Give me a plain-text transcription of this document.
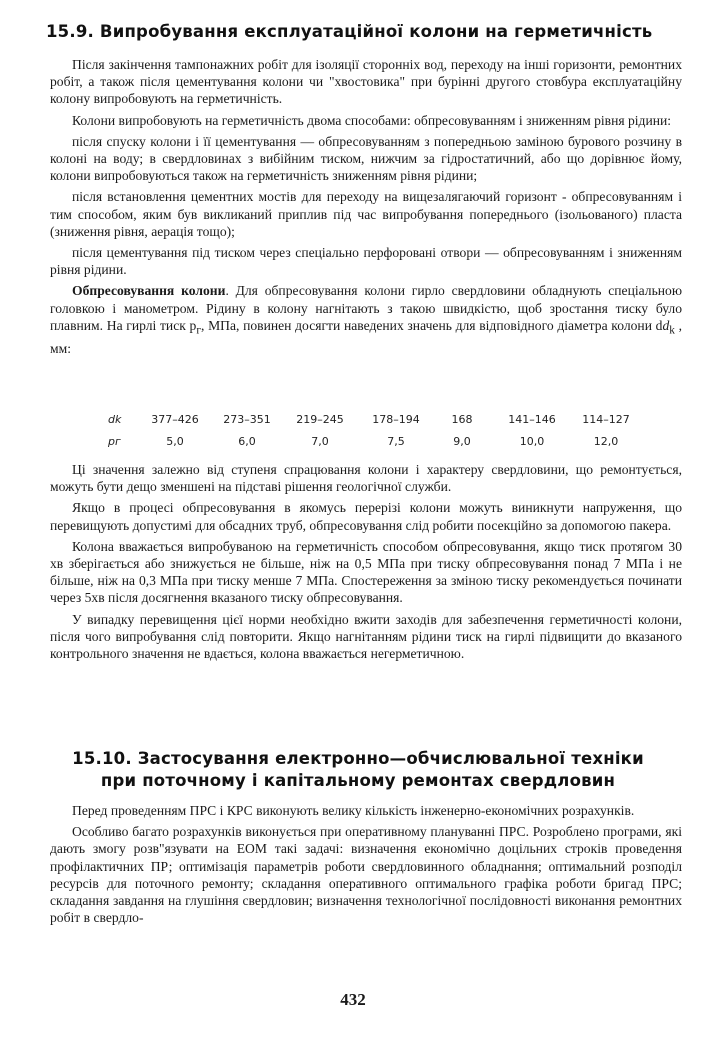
15.9. Випробування експлуатаційної колони на герметичність

Після закінчення тампонажних робіт для ізоляції сторонніх вод, переходу на інші горизонти, ремонтних робіт, а також після цементування колони чи "хвостовика" при бурінні другого стовбура експлуатаційну колону випробовують на герметичність.

Колони випробовують на герметичність двома способами: обпресовуванням і зниженням рівня рідини:

після спуску колони і її цементування — обпресовуванням з попередньою заміною бурового розчину в колоні на воду; в свердловинах з вибійним тиском, нижчим за гідростатичний, або що дорівнює йому, колони випробовуються також на герметичність зниженням рівня рідини;

після встановлення цементних мостів для переходу на вищезалягаючий горизонт - обпресовуванням і тим способом, яким був викликаний приплив під час випробування попереднього (ізольованого) пласта (зниження рівня, аерація тощо);

після цементування під тиском через спеціально перфоровані отвори — обпресовуванням і зниженням рівня рідини.

Обпресовування колони. Для обпресовування колони гирло свердловини обладнують спеціальною головкою і манометром. Рідину в колону нагнітають з такою швидкістю, щоб зростання тиску було плавним. На гирлі тиск $p_г$, МПа, повинен досягти наведених значень для відповідного діаметра колони $dd_k$ , мм:

dk	377–426	273–351	219–245	178–194	168	141–146	114–127
pг	5,0	6,0	7,0	7,5	9,0	10,0	12,0

Ці значення залежно від ступеня спрацювання колони і характеру свердловини, що ремонтується, можуть бути дещо зменшені на підставі рішення геологічної служби.

Якщо в процесі обпресовування в якомусь перерізі колони можуть виникнути напруження, що перевищують допустимі для обсадних труб, обпресовування слід робити посекційно за допомогою пакера.

Колона вважається випробуваною на герметичність способом обпресовування, якщо тиск протягом 30 хв зберігається або знижується не більше, ніж на 0,5 МПа при тиску обпресовування понад 7 МПа і не більше, ніж на 0,3 МПа при тиску менше 7 МПа. Спостереження за зміною тиску рекомендується починати через 5хв після досягнення вказаного тиску обпресовування.

У випадку перевищення цієї норми необхідно вжити заходів для забезпечення герметичності колони, після чого випробування слід повторити. Якщо нагнітанням рідини тиск на гирлі підвищити до вказаного контрольного значення не вдається, колона вважається негерметичною.

15.10. Застосування електронно—обчислювальної техніки
при поточному і капітальному ремонтах свердловин

Перед проведенням ПРС і КРС виконують велику кількість інженерно-економічних розрахунків.

Особливо багато розрахунків виконується при оперативному плануванні ПРС. Розроблено програми, які дають змогу розв"язувати на ЕОМ такі задачі: визначення економічно доцільних строків проведення профілактичних ПР; оптимізація параметрів роботи свердловинного обладнання; оптимальний розподіл ресурсів для поточного ремонту; складання оперативного оптимального графіка роботи бригад ПРС; складання завдання на глушіння свердловин; визначення технологічної послідовності виконання ремонтних робіт в свердло-

432
